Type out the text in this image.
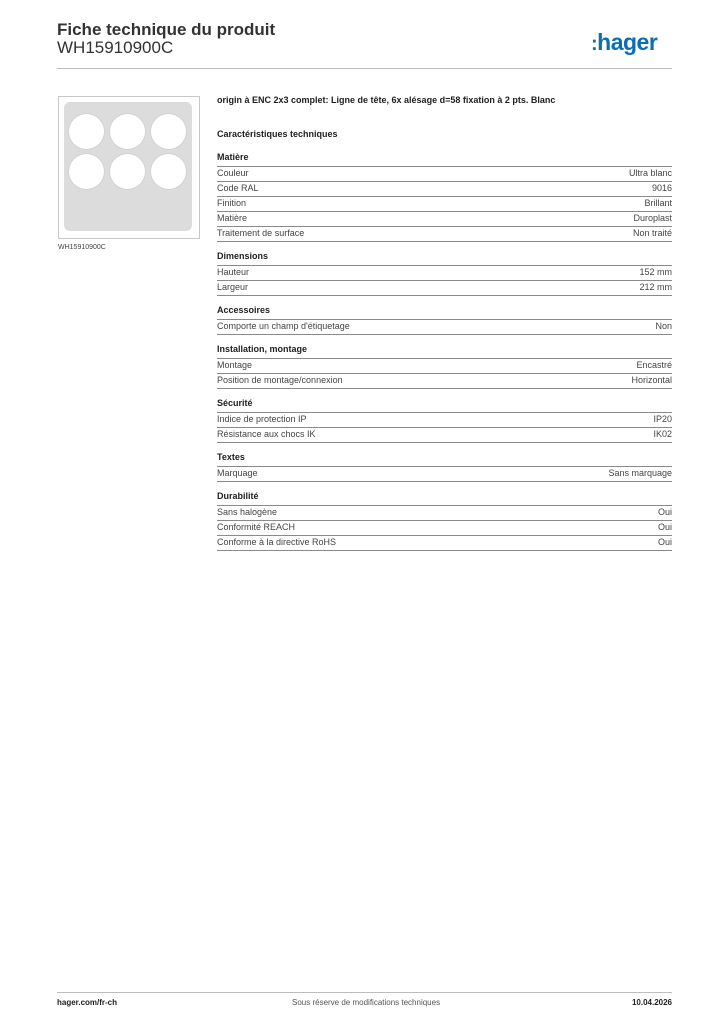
Fiche technique du produit
WH15910900C	:hager
WH15910900C
origin à ENC 2x3 complet: Ligne de tête, 6x alésage d=58 fixation à 2 pts. Blanc
Caractéristiques techniques
Matière
Couleur	Ultra blanc
Code RAL	9016
Finition	Brillant
Matière	Duroplast
Traitement de surface	Non traité
Dimensions
Hauteur	152 mm
Largeur	212 mm
Accessoires
Comporte un champ d'étiquetage	Non
Installation, montage
Montage	Encastré
Position de montage/connexion	Horizontal
Sécurité
Indice de protection IP	IP20
Résistance aux chocs IK	IK02
Textes
Marquage	Sans marquage
Durabilité
Sans halogène	Oui
Conformité REACH	Oui
Conforme à la directive RoHS	Oui
hager.com/fr-ch	Sous réserve de modifications techniques	10.04.2026
